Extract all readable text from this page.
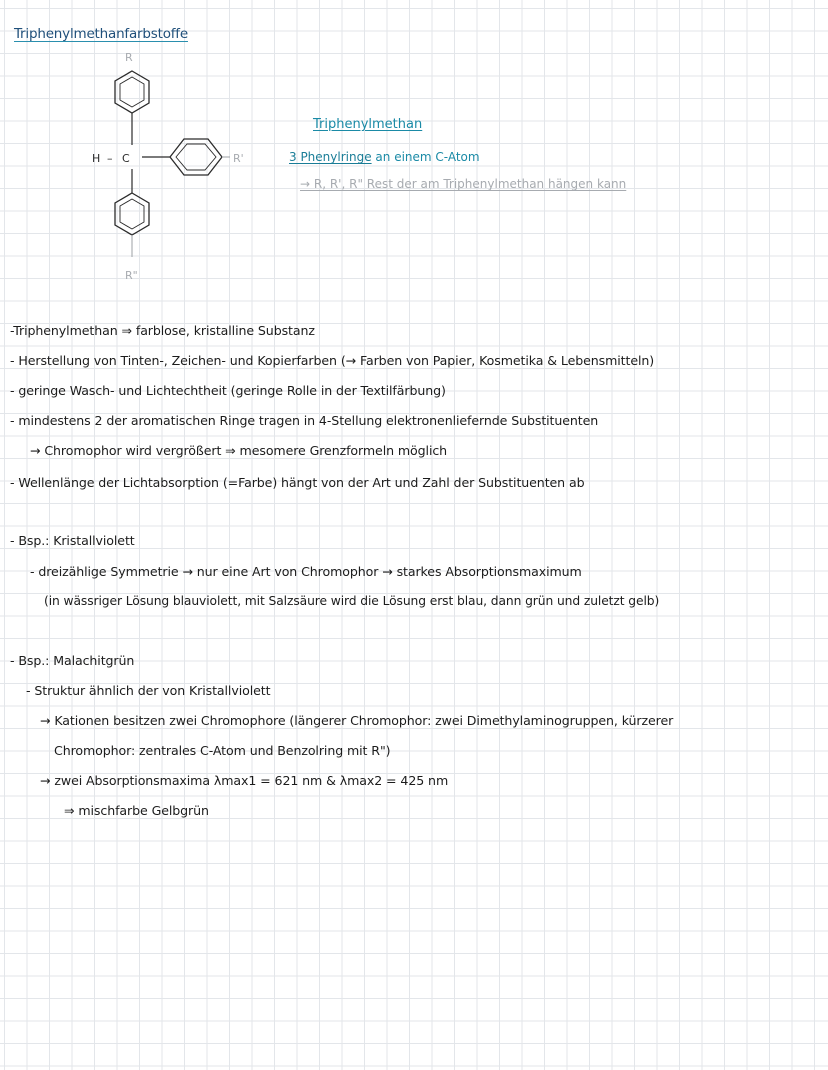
Triphenylmethanfarbstoffe
R
H – C	R'
R"
Triphenylmethan
3 Phenylringe an einem C-Atom
→ R, R', R" Rest der am Triphenylmethan hängen kann
-Triphenylmethan ⇒ farblose, kristalline Substanz
- Herstellung von Tinten-, Zeichen- und Kopierfarben (→ Farben von Papier, Kosmetika & Lebensmitteln)
- geringe Wasch- und Lichtechtheit (geringe Rolle in der Textilfärbung)
- mindestens 2 der aromatischen Ringe tragen in 4-Stellung elektronenliefernde Substituenten
→ Chromophor wird vergrößert ⇒ mesomere Grenzformeln möglich
- Wellenlänge der Lichtabsorption (=Farbe) hängt von der Art und Zahl der Substituenten ab
- Bsp.: Kristallviolett
- dreizählige Symmetrie → nur eine Art von Chromophor → starkes Absorptionsmaximum
(in wässriger Lösung blauviolett, mit Salzsäure wird die Lösung erst blau, dann grün und zuletzt gelb)
- Bsp.: Malachitgrün
- Struktur ähnlich der von Kristallviolett
→ Kationen besitzen zwei Chromophore (längerer Chromophor: zwei Dimethylaminogruppen, kürzerer
Chromophor: zentrales C-Atom und Benzolring mit R")
→ zwei Absorptionsmaxima λmax1 = 621 nm & λmax2 = 425 nm
⇒ mischfarbe Gelbgrün
